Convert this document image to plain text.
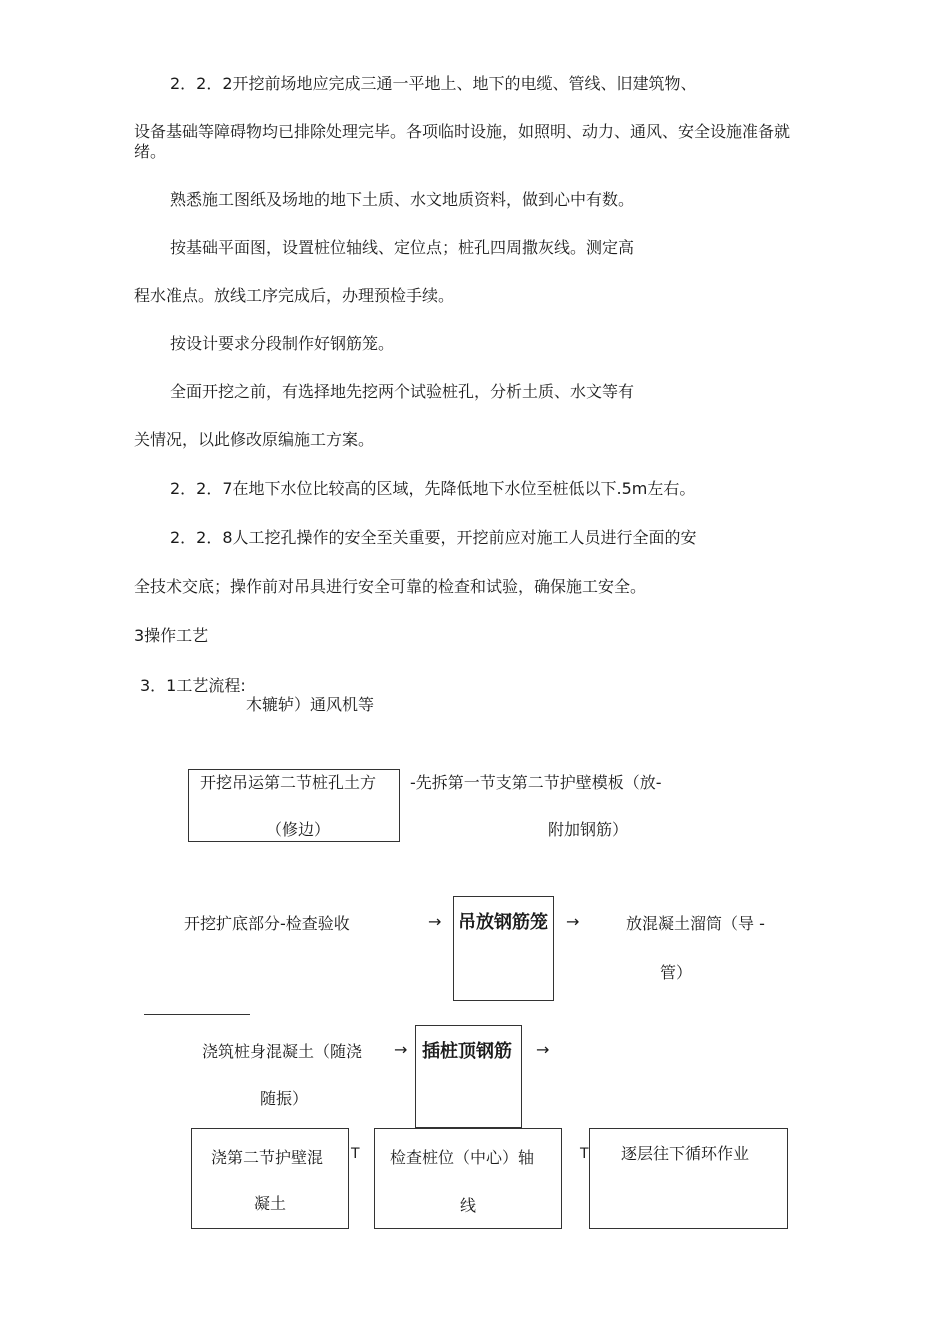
2．2．2开挖前场地应完成三通一平地上、地下的电缆、管线、旧建筑物、
设备基础等障碍物均已排除处理完毕。各项临时设施，如照明、动力、通风、安全设施准备就
绪。
熟悉施工图纸及场地的地下土质、水文地质资料，做到心中有数。
按基础平面图，设置桩位轴线、定位点；桩孔四周撒灰线。测定高
程水准点。放线工序完成后，办理预检手续。
按设计要求分段制作好钢筋笼。
全面开挖之前，有选择地先挖两个试验桩孔，分析土质、水文等有
关情况，以此修改原编施工方案。
2．2．7在地下水位比较高的区域，先降低地下水位至桩低以下.5m左右。
2．2．8人工挖孔操作的安全至关重要，开挖前应对施工人员进行全面的安
全技术交底；操作前对吊具进行安全可靠的检查和试验，确保施工安全。
3操作工艺
3．1工艺流程:
木辘轳）通风机等
开挖吊运第二节桩孔土方
（修边）
-先拆第一节支第二节护壁模板（放-
附加钢筋）
开挖扩底部分-检查验收	→ 吊放钢筋笼 →	放混凝土溜筒（导 -
管）
浇筑桩身混凝土（随浇
随振）
→ 插桩顶钢筋 →
浇第二节护壁混
凝土
T 检查桩位（中心）轴
线
T 逐层往下循环作业
